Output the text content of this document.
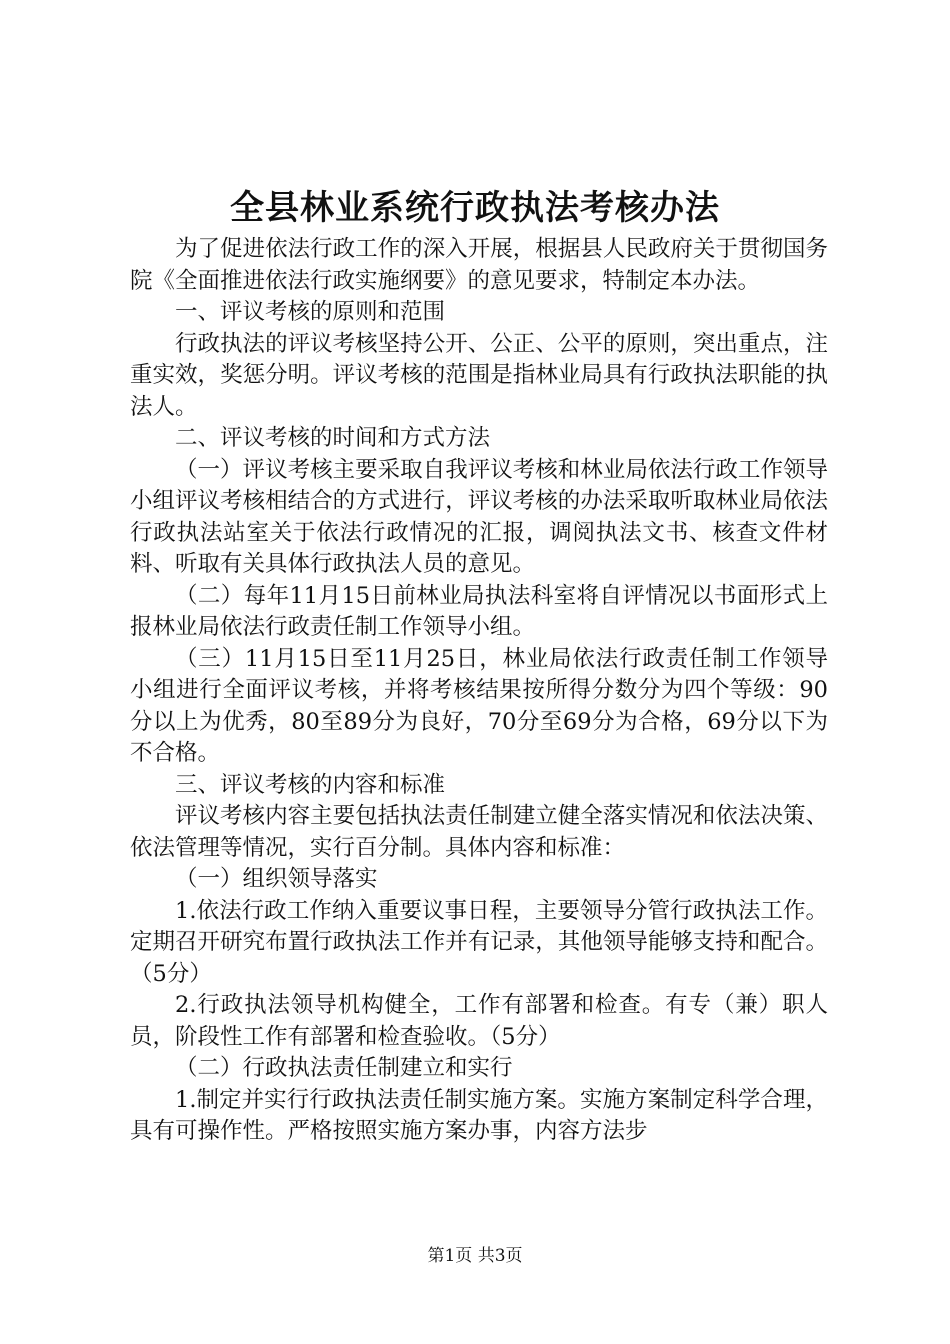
全县林业系统行政执法考核办法

为了促进依法行政工作的深入开展，根据县人民政府关于贯彻国务院《全面推进依法行政实施纲要》的意见要求，特制定本办法。

一、评议考核的原则和范围

行政执法的评议考核坚持公开、公正、公平的原则，突出重点，注重实效，奖惩分明。评议考核的范围是指林业局具有行政执法职能的执法人。

二、评议考核的时间和方式方法

（一）评议考核主要采取自我评议考核和林业局依法行政工作领导小组评议考核相结合的方式进行，评议考核的办法采取听取林业局依法行政执法站室关于依法行政情况的汇报，调阅执法文书、核查文件材料、听取有关具体行政执法人员的意见。

（二）每年11月15日前林业局执法科室将自评情况以书面形式上报林业局依法行政责任制工作领导小组。

（三）11月15日至11月25日，林业局依法行政责任制工作领导小组进行全面评议考核，并将考核结果按所得分数分为四个等级：90分以上为优秀，80至89分为良好，70分至69分为合格，69分以下为不合格。

三、评议考核的内容和标准

评议考核内容主要包括执法责任制建立健全落实情况和依法决策、依法管理等情况，实行百分制。具体内容和标准：

（一）组织领导落实

1.依法行政工作纳入重要议事日程，主要领导分管行政执法工作。定期召开研究布置行政执法工作并有记录，其他领导能够支持和配合。（5分）

2.行政执法领导机构健全，工作有部署和检查。有专（兼）职人员，阶段性工作有部署和检查验收。（5分）

（二）行政执法责任制建立和实行

1.制定并实行行政执法责任制实施方案。实施方案制定科学合理，具有可操作性。严格按照实施方案办事，内容方法步

第1页 共3页
